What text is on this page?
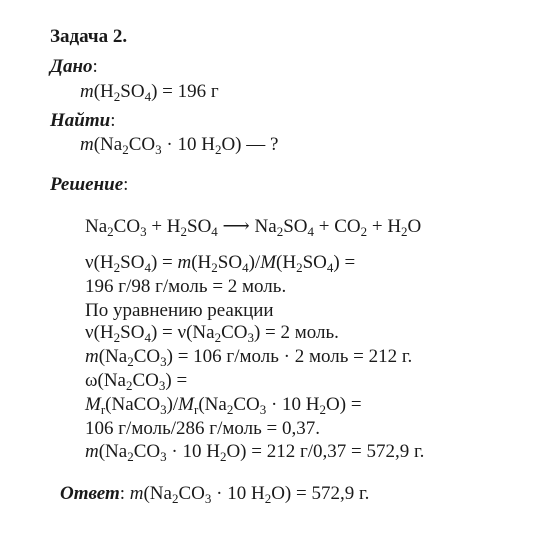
Задача 2.
Дано:
$m(H_2SO_4) = 196$ г
Найти:
$m(Na_2CO_3 \cdot 10$ $H_2O$) — ?
Решение:
$Na_2CO_3 + H_2SO_4$ ⟶ $Na_2SO_4 + CO_2 + H_2O$
$\nu(H_2SO_4) = m(H_2SO_4)/M(H_2SO_4)$ =
196 г/98 г/моль = 2 моль.
По уравнению реакции
$\nu(H_2SO_4) = \nu(Na_2CO_3) = 2$ моль.
$m(Na_2CO_3) = 106$ г/моль · 2 моль = 212 г.
$\omega(Na_2CO_3)$ =
$M_r(NaCO_3)/M_r(Na_2CO_3 \cdot 10$ $H_2O$) =
106 г/моль/286 г/моль = 0,37.
$m(Na_2CO_3 \cdot 10$ $H_2O) = 212$ г/0,37 = 572,9 г.
Ответ: $m(Na_2CO_3 \cdot 10$ $H_2O) = 572,9$ г.
